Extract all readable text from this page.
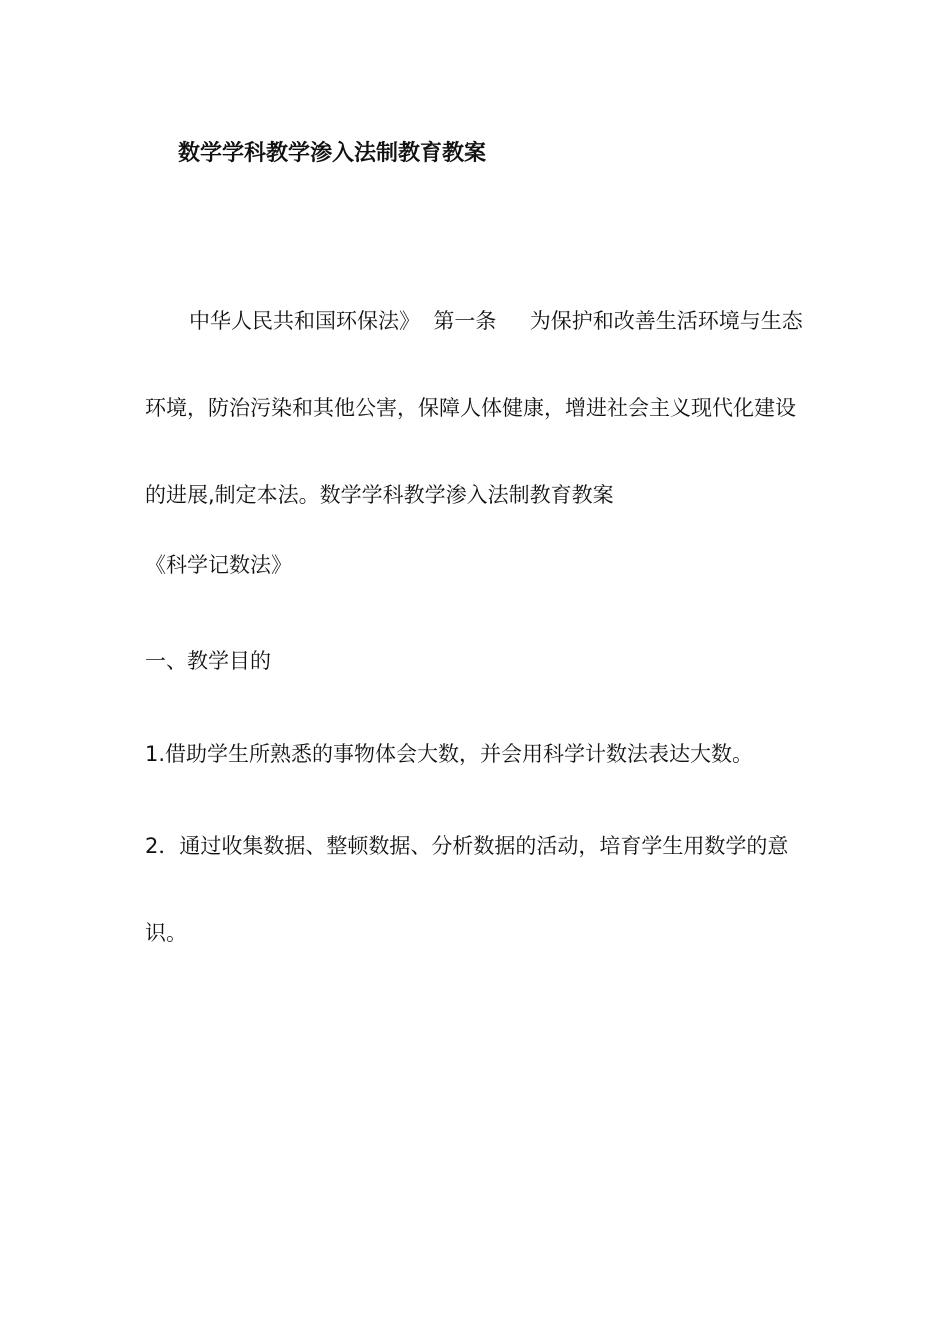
数学学科教学渗入法制教育教案
中华人民共和国环保法》 第一条 为保护和改善生活环境与生态环境，防治污染和其他公害，保障人体健康，增进社会主义现代化建设的进展,制定本法。数学学科教学渗入法制教育教案
《科学记数法》
一、教学目的
1.借助学生所熟悉的事物体会大数，并会用科学计数法表达大数。
2．通过收集数据、整顿数据、分析数据的活动，培育学生用数学的意识。
